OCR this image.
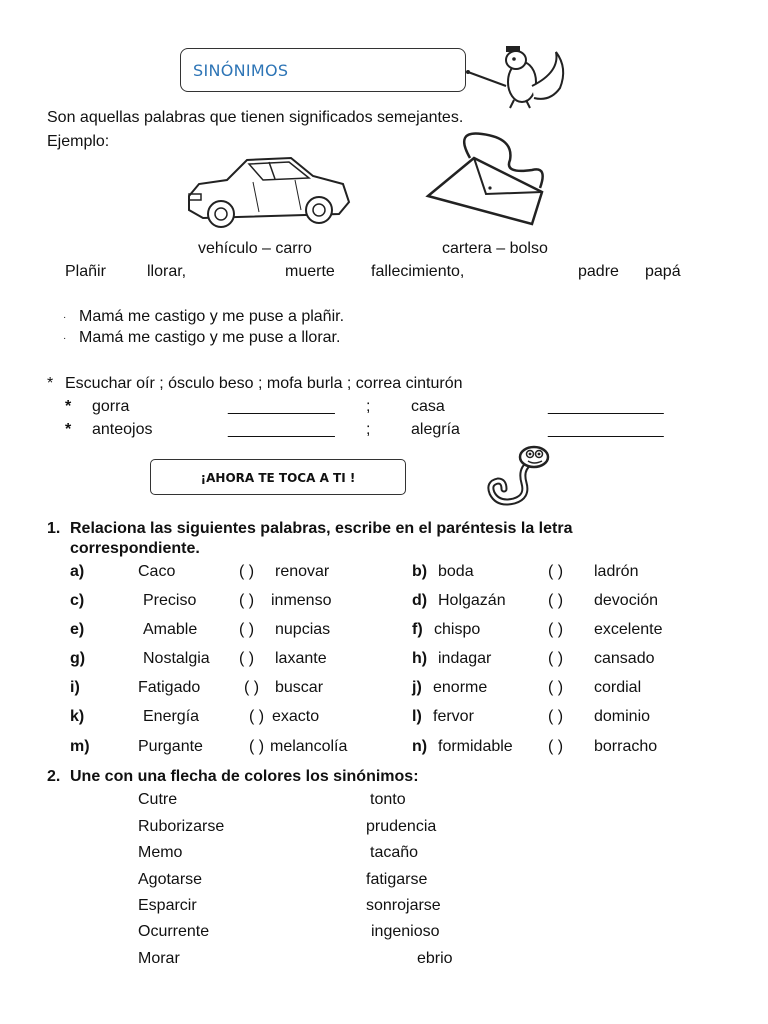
SINÓNIMOS
Son aquellas palabras que tienen significados semejantes.
Ejemplo:
vehículo – carro	cartera – bolso
Plañir	llorar,	muerte fallecimiento,	padre papá
· Mamá me castigo y me puse a plañir.
· Mamá me castigo y me puse a llorar.
* Escuchar oír ; ósculo beso ; mofa burla ; correa cinturón
* gorra	____________ ;	casa	_____________
* anteojos	____________ ;	alegría	_____________
¡AHORA TE TOCA A TI !
1. Relaciona las siguientes palabras, escribe en el paréntesis la letra
correspondiente.
a)	Caco	( ) renovar	b) boda	( ) ladrón
c)	Preciso	( ) inmenso	d) Holgazán	( ) devoción
e)	Amable	( ) nupcias	f) chispo	( ) excelente
g)	Nostalgia ( ) laxante	h) indagar	( ) cansado
i)	Fatigado	( ) buscar	j) enorme	( ) cordial
k)	Energía	( ) exacto	l) fervor	( ) dominio
m)	Purgante	( ) melancolía	n) formidable ( ) borracho
2. Une con una flecha de colores los sinónimos:
Cutre
Ruborizarse
Memo
Agotarse
Esparcir
Ocurrente
Morar
tonto
prudencia
tacaño
fatigarse
sonrojarse
ingenioso
ebrio
